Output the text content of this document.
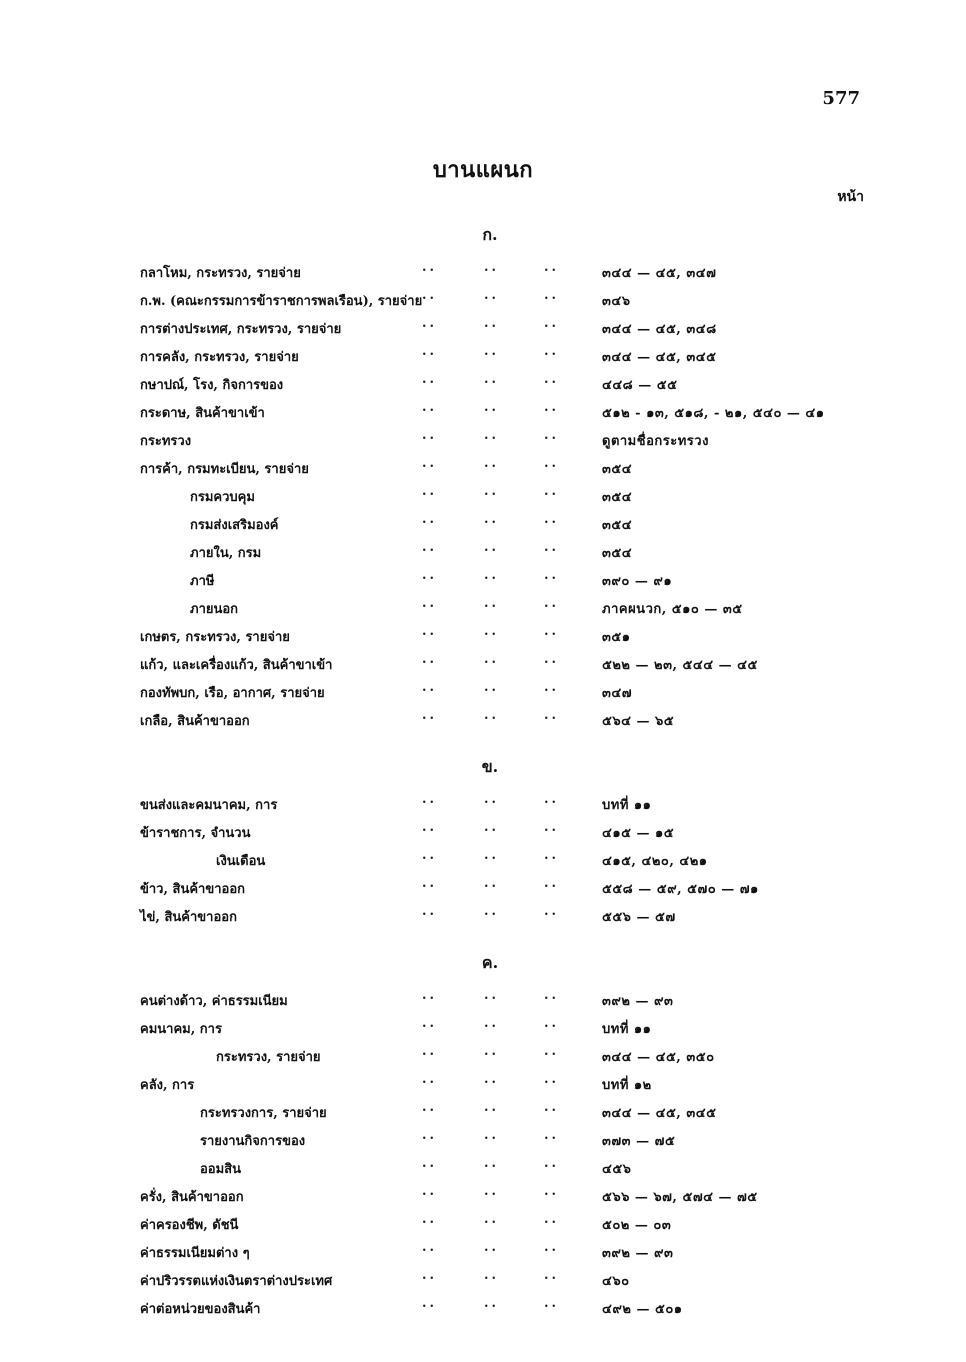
577
บานแผนก
หน้า
ก.
กลาโหม, กระทรวง, รายจ่าย	..	..	..	๓๔๔ — ๔๕, ๓๔๗
ก.พ. (คณะกรรมการข้าราชการพลเรือน), รายจ่าย ..	..	..	๓๔๖
การต่างประเทศ, กระทรวง, รายจ่าย	..	..	..	๓๔๔ — ๔๕, ๓๔๘
การคลัง, กระทรวง, รายจ่าย	..	..	..	๓๔๔ — ๔๕, ๓๔๕
กษาปณ์, โรง, กิจการของ	..	..	..	๔๔๘ — ๕๕
กระดาษ, สินค้าขาเข้า	..	..	..	๕๑๒ - ๑๓, ๕๑๘, - ๒๑, ๕๔๐ — ๔๑
กระทรวง	..	..	..	ดูตามชื่อกระทรวง
การค้า, กรมทะเบียน, รายจ่าย	..	..	..	๓๕๔
กรมควบคุม	..	..	..	๓๕๔
กรมส่งเสริมองค์	..	..	..	๓๕๔
ภายใน, กรม	..	..	..	๓๕๔
ภาษี	..	..	..	๓๙๐ — ๙๑
ภายนอก	..	..	..	ภาคผนวก, ๕๑๐ — ๓๕
เกษตร, กระทรวง, รายจ่าย	..	..	..	๓๕๑
แก้ว, และเครื่องแก้ว, สินค้าขาเข้า	..	..	..	๕๒๒ — ๒๓, ๕๔๔ — ๔๕
กองทัพบก, เรือ, อากาศ, รายจ่าย	..	..	..	๓๔๗
เกลือ, สินค้าขาออก	..	..	..	๕๖๔ — ๖๕
ข.
ขนส่งและคมนาคม, การ	..	..	..	บทที่ ๑๑
ข้าราชการ, จำนวน	..	..	..	๔๑๕ — ๑๕
เงินเดือน	..	..	..	๔๑๕, ๔๒๐, ๔๒๑
ข้าว, สินค้าขาออก	..	..	..	๕๕๘ — ๕๙, ๕๗๐ — ๗๑
ไข่, สินค้าขาออก	..	..	..	๕๕๖ — ๕๗
ค.
คนต่างด้าว, ค่าธรรมเนียม	..	..	..	๓๙๒ — ๙๓
คมนาคม, การ	..	..	..	บทที่ ๑๑
กระทรวง, รายจ่าย	..	..	..	๓๔๔ — ๔๕, ๓๕๐
คลัง, การ	..	..	..	บทที่ ๑๒
กระทรวงการ, รายจ่าย	..	..	..	๓๔๔ — ๔๕, ๓๔๕
รายงานกิจการของ	..	..	..	๓๗๓ — ๗๕
ออมสิน	..	..	..	๔๕๖
ครั่ง, สินค้าขาออก	..	..	..	๕๖๖ — ๖๗, ๕๗๔ — ๗๕
ค่าครองชีพ, ดัชนี	..	..	..	๕๐๒ — ๐๓
ค่าธรรมเนียมต่าง ๆ	..	..	..	๓๙๒ — ๙๓
ค่าปริวรรตแห่งเงินตราต่างประเทศ	..	..	..	๔๖๐
ค่าต่อหน่วยของสินค้า	..	..	..	๔๙๒ — ๕๐๑
